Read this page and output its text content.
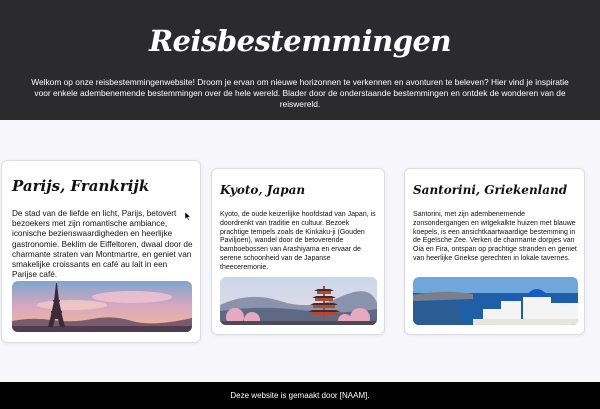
Reisbestemmingen

Welkom op onze reisbestemmingenwebsite! Droom je ervan om nieuwe horizonnen te verkennen en avonturen te beleven? Hier vind je inspiratie voor enkele adembenemende bestemmingen over de hele wereld. Blader door de onderstaande bestemmingen en ontdek de wonderen van de reiswereld.

Parijs, Frankrijk

De stad van de liefde en licht, Parijs, betovert bezoekers met zijn romantische ambiance, iconische bezienswaardigheden en heerlijke gastronomie. Beklim de Eiffeltoren, dwaal door de charmante straten van Montmartre, en geniet van smakelijke croissants en café au lait in een Parijse café.

Kyoto, Japan

Kyoto, de oude keizerlijke hoofdstad van Japan, is doordrenkt van traditie en cultuur. Bezoek prachtige tempels zoals de Kinkaku-ji (Gouden Paviljoen), wandel door de betoverende bamboebossen van Arashiyama en ervaar de serene schoonheid van de Japanse theeceremonie.

Santorini, Griekenland

Santorini, met zijn adembenemende zonsondergangen en witgekalkte huizen met blauwe koepels, is een ansichtkaartwaardige bestemming in de Egeïsche Zee. Verken de charmante dorpjes van Oia en Fira, ontspan op prachtige stranden en geniet van heerlijke Griekse gerechten in lokale tavernes.

Deze website is gemaakt door [NAAM].
